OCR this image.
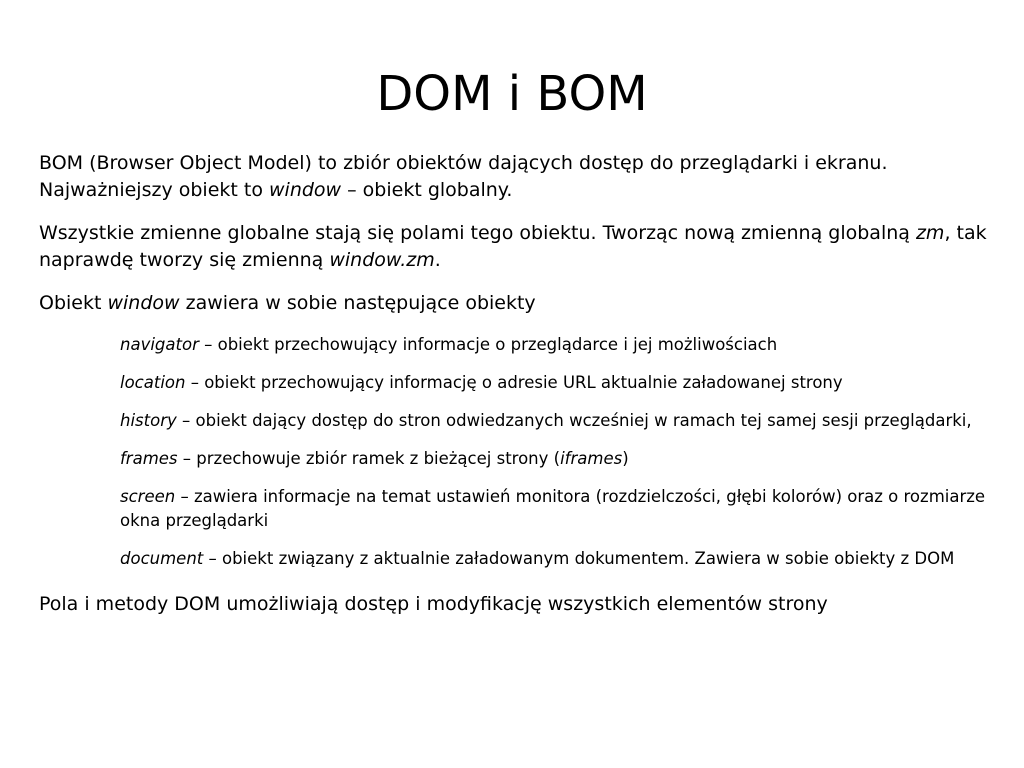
DOM i BOM

BOM (Browser Object Model) to zbiór obiektów dających dostęp do przeglądarki i ekranu. Najważniejszy obiekt to window – obiekt globalny.

Wszystkie zmienne globalne stają się polami tego obiektu. Tworząc nową zmienną globalną zm, tak naprawdę tworzy się zmienną window.zm.

Obiekt window zawiera w sobie następujące obiekty

navigator – obiekt przechowujący informacje o przeglądarce i jej możliwościach
location – obiekt przechowujący informację o adresie URL aktualnie załadowanej strony
history – obiekt dający dostęp do stron odwiedzanych wcześniej w ramach tej samej sesji przeglądarki,
frames – przechowuje zbiór ramek z bieżącej strony (iframes)
screen – zawiera informacje na temat ustawień monitora (rozdzielczości, głębi kolorów) oraz o rozmiarze okna przeglądarki
document – obiekt związany z aktualnie załadowanym dokumentem. Zawiera w sobie obiekty z DOM

Pola i metody DOM umożliwiają dostęp i modyfikację wszystkich elementów strony
